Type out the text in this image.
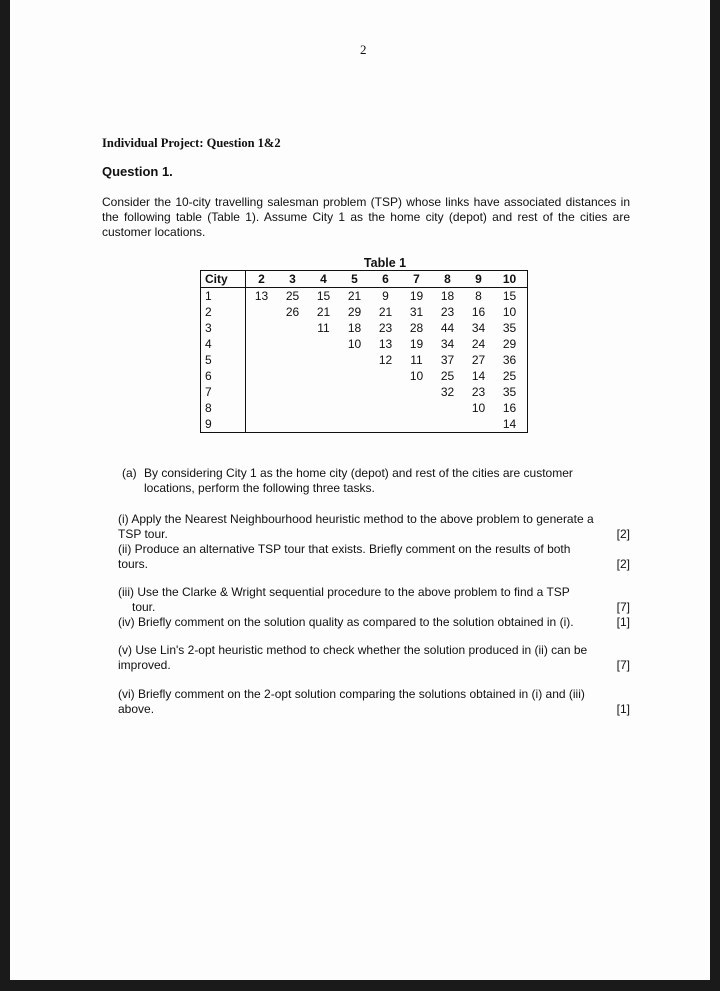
2
Individual Project: Question 1&2
Question 1.

Consider the 10-city travelling salesman problem (TSP) whose links have associated distances in the following table (Table 1). Assume City 1 as the home city (depot) and rest of the cities are customer locations.

Table 1
City	2	3	4	5	6	7	8	9	10
1	13	25	15	21	9	19	18	8	15
2		26	21	29	21	31	23	16	10
3			11	18	23	28	44	34	35
4				10	13	19	34	24	29
5					12	11	37	27	36
6						10	25	14	25
7							32	23	35
8								10	16
9									14
(a) By considering City 1 as the home city (depot) and rest of the cities are customer
locations, perform the following three tasks.
(i) Apply the Nearest Neighbourhood heuristic method to the above problem to generate a
TSP tour.	[2]
(ii) Produce an alternative TSP tour that exists. Briefly comment on the results of both
tours.	[2]
(iii) Use the Clarke & Wright sequential procedure to the above problem to find a TSP
tour.	[7]
(iv) Briefly comment on the solution quality as compared to the solution obtained in (i).	[1]
(v) Use Lin's 2-opt heuristic method to check whether the solution produced in (ii) can be
improved.	[7]
(vi) Briefly comment on the 2-opt solution comparing the solutions obtained in (i) and (iii)
above.	[1]
